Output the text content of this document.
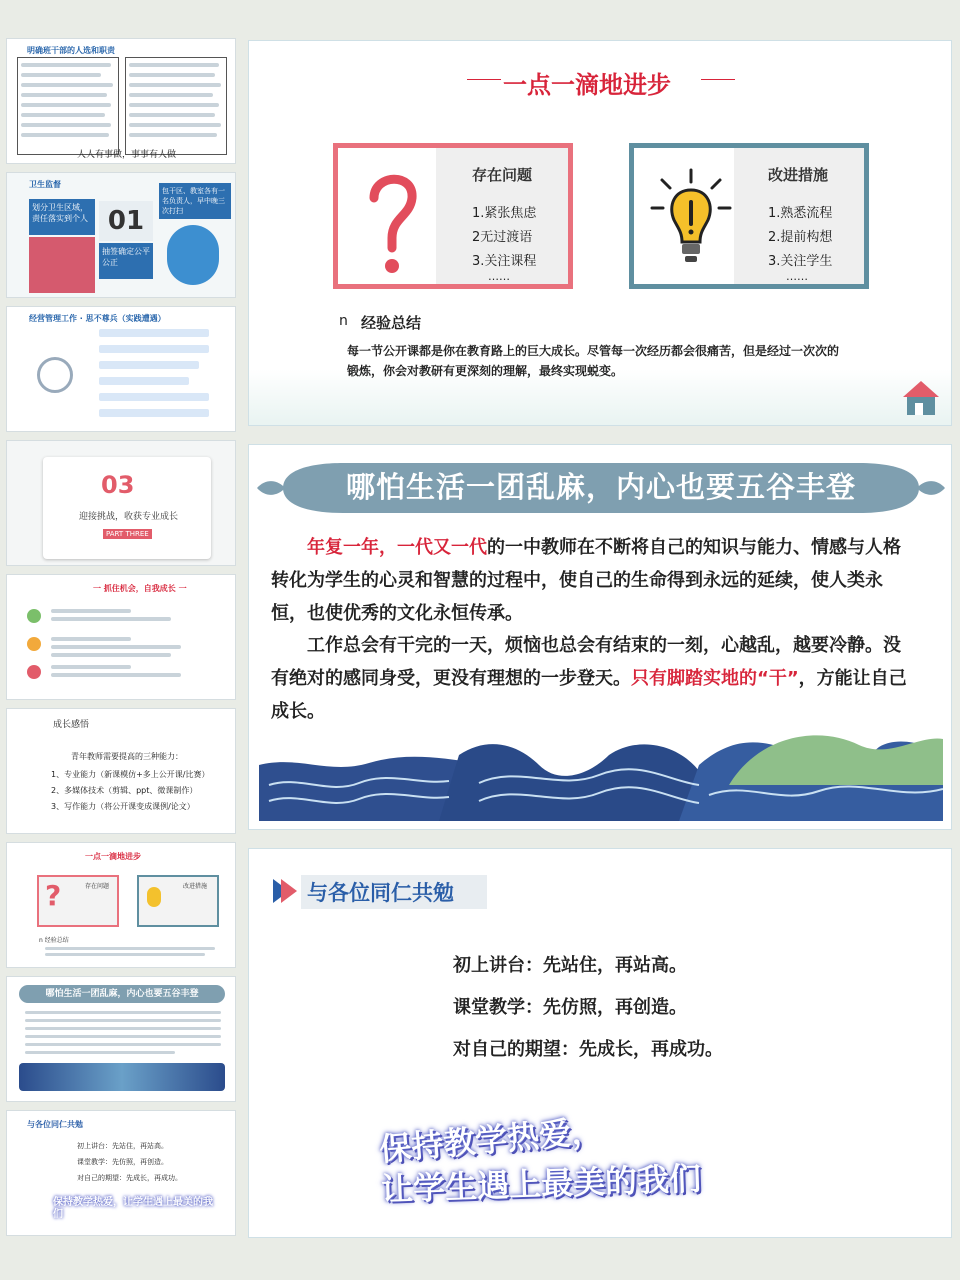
明确班干部的人选和职责
人人有事做，事事有人做
卫生监督
划分卫生区域，责任落实到个人 01
抽签确定公平公正
包干区、教室各有一名负责人，早中晚三次打扫
经营管理工作 · 思不尊兵（实践遭遇）
03
迎接挑战，收获专业成长
PART THREE
一 抓住机会，自我成长 一
成长感悟
青年教师需要提高的三种能力：
1、专业能力（新课模仿+多上公开课/比赛）
2、多媒体技术（剪辑、ppt、微课制作）
3、写作能力（将公开课变成课例/论文）
一点一滴地进步
?	存在问题	改进措施
n 经验总结
哪怕生活一团乱麻，内心也要五谷丰登
与各位同仁共勉
初上讲台：先站住，再站高。
课堂教学：先仿照，再创造。
对自己的期望：先成长，再成功。
保持教学热爱，让学生遇上最美的我们
一点一滴地进步
存在问题
1.紧张焦虑
2无过渡语
3.关注课程
……
改进措施
1.熟悉流程
2.提前构想
3.关注学生
……
n 经验总结
每一节公开课都是你在教育路上的巨大成长。尽管每一次经历都会很痛苦，但是经过一次次的锻炼，你会对教研有更深刻的理解，最终实现蜕变。
哪怕生活一团乱麻，内心也要五谷丰登
年复一年，一代又一代的一中教师在不断将自己的知识与能力、情感与人格转化为学生的心灵和智慧的过程中，使自己的生命得到永远的延续，使人类永恒，也使优秀的文化永恒传承。
工作总会有干完的一天，烦恼也总会有结束的一刻，心越乱，越要冷静。没有绝对的感同身受，更没有理想的一步登天。只有脚踏实地的“干”，方能让自己成长。
与各位同仁共勉
初上讲台：先站住，再站高。
课堂教学：先仿照，再创造。
对自己的期望：先成长，再成功。
保持教学热爱，
让学生遇上最美的我们
